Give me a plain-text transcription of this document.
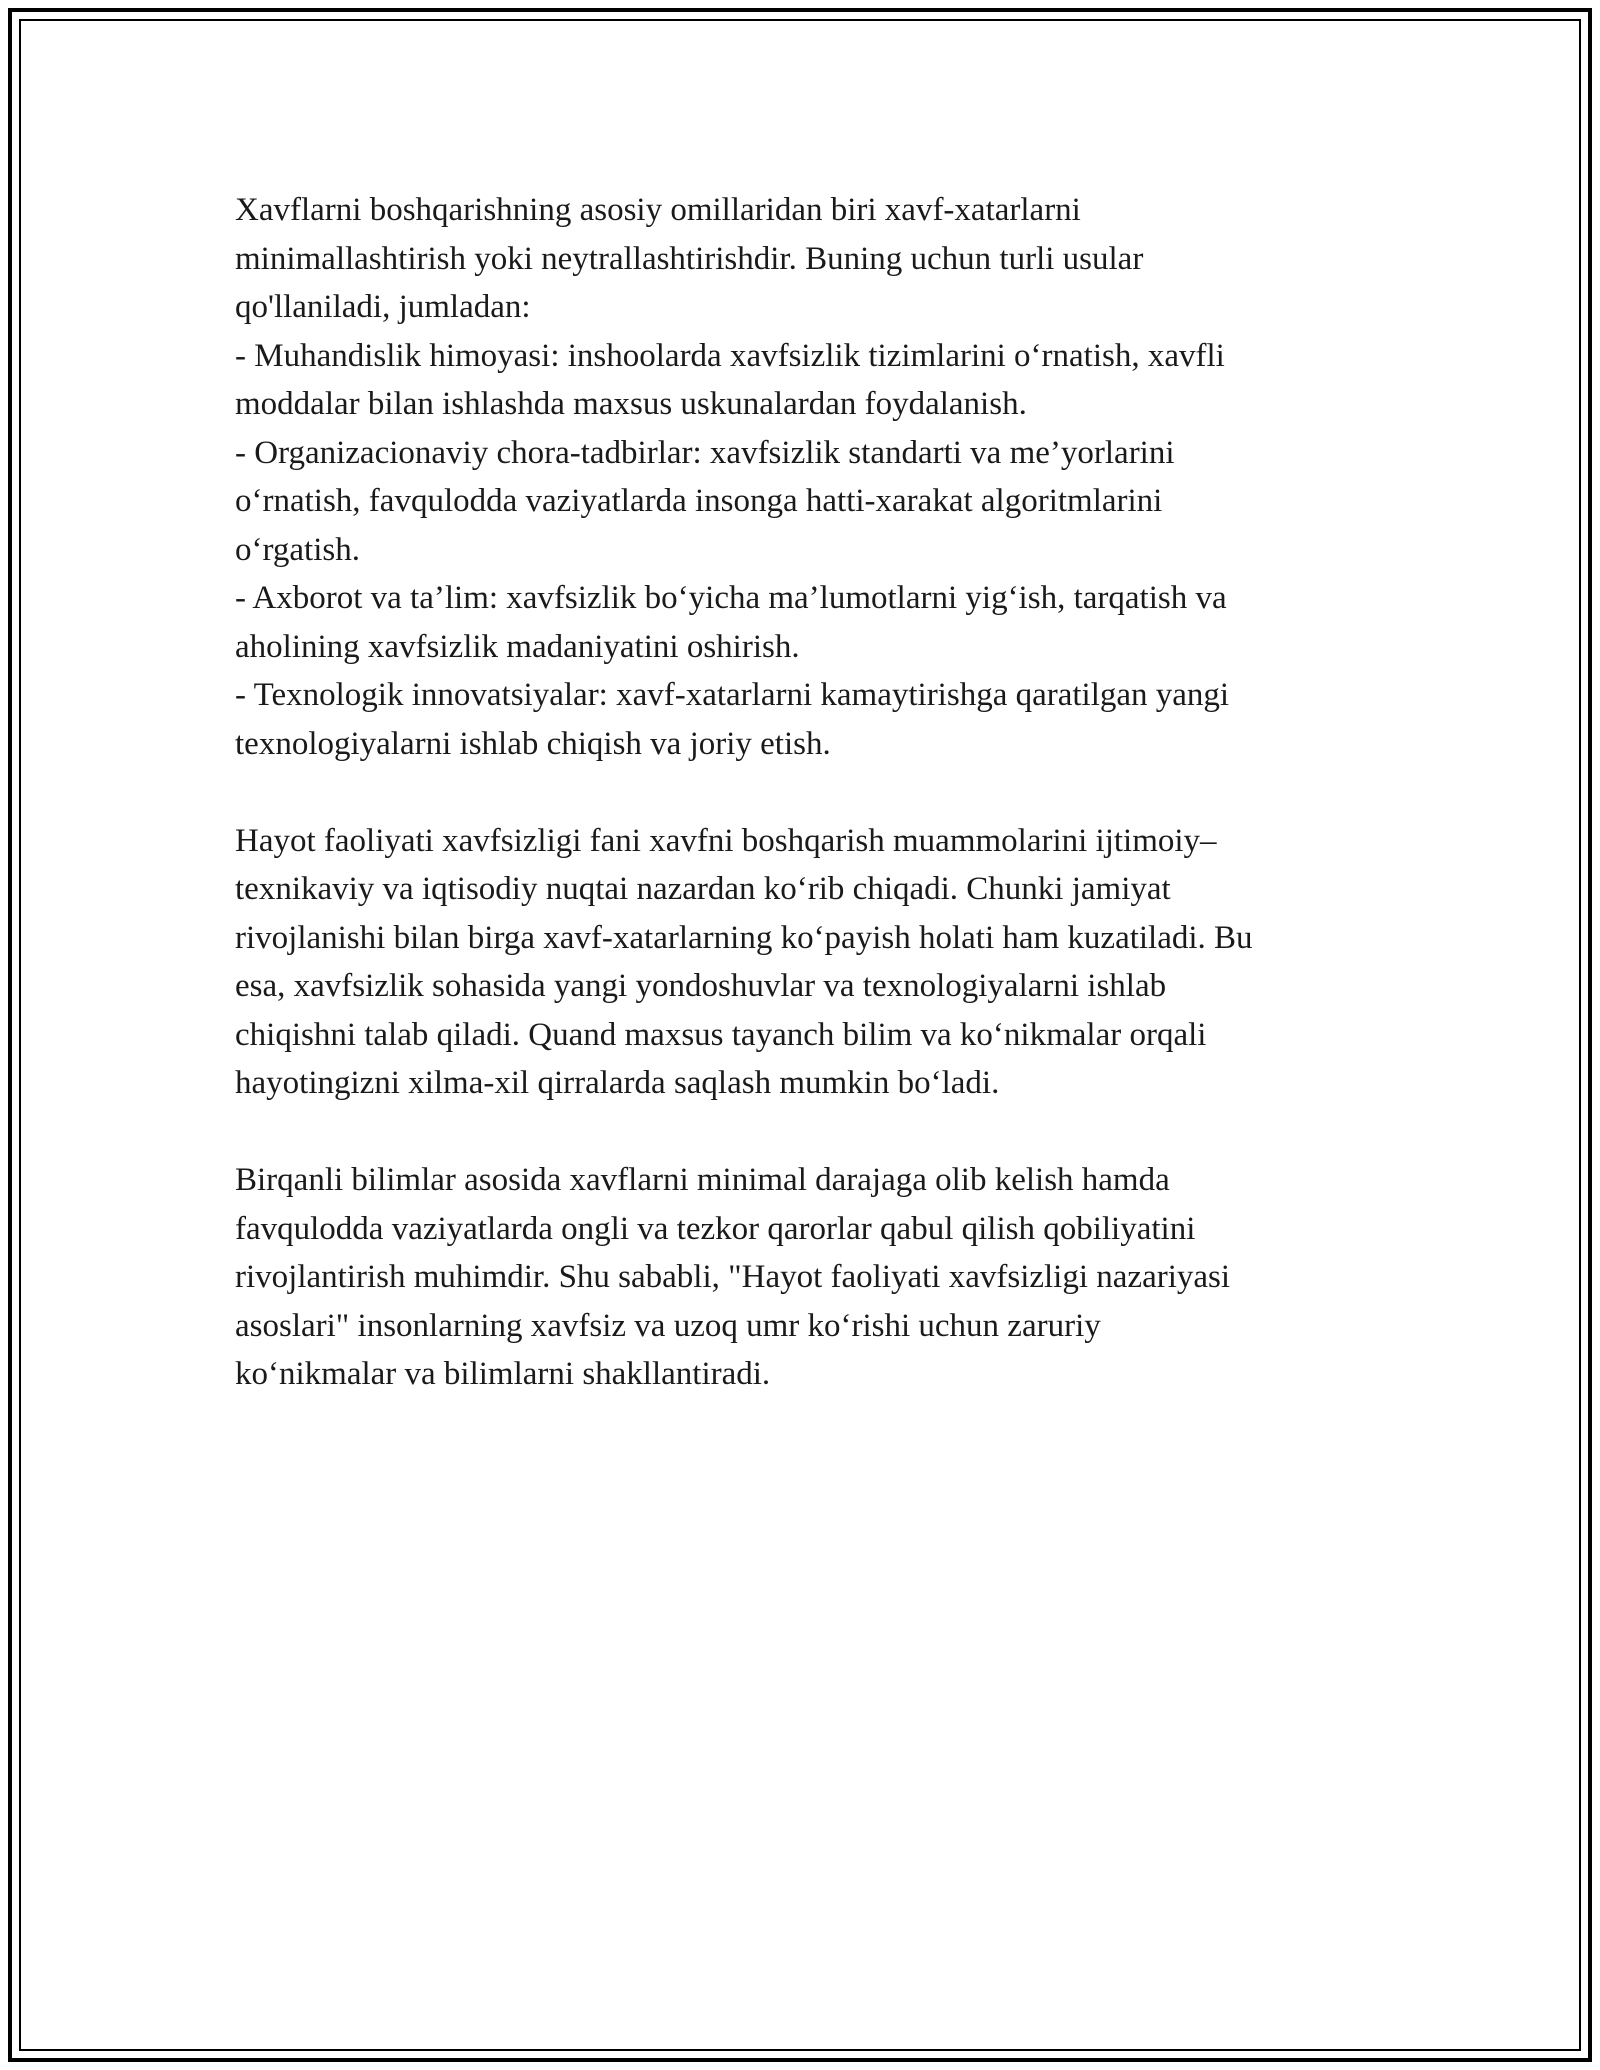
Xavflarni boshqarishning asosiy omillaridan biri xavf-xatarlarni
minimallashtirish yoki neytrallashtirishdir. Buning uchun turli usular
qo'llaniladi, jumladan:
- Muhandislik himoyasi: inshoolarda xavfsizlik tizimlarini o‘rnatish, xavfli
moddalar bilan ishlashda maxsus uskunalardan foydalanish.
- Organizacionaviy chora-tadbirlar: xavfsizlik standarti va me’yorlarini
o‘rnatish, favqulodda vaziyatlarda insonga hatti-xarakat algoritmlarini
o‘rgatish.
- Axborot va ta’lim: xavfsizlik bo‘yicha ma’lumotlarni yig‘ish, tarqatish va
aholining xavfsizlik madaniyatini oshirish.
- Texnologik innovatsiyalar: xavf-xatarlarni kamaytirishga qaratilgan yangi
texnologiyalarni ishlab chiqish va joriy etish.

Hayot faoliyati xavfsizligi fani xavfni boshqarish muammolarini ijtimoiy–
texnikaviy va iqtisodiy nuqtai nazardan ko‘rib chiqadi. Chunki jamiyat
rivojlanishi bilan birga xavf-xatarlarning ko‘payish holati ham kuzatiladi. Bu
esa, xavfsizlik sohasida yangi yondoshuvlar va texnologiyalarni ishlab
chiqishni talab qiladi. Quand maxsus tayanch bilim va ko‘nikmalar orqali
hayotingizni xilma-xil qirralarda saqlash mumkin bo‘ladi.

Birqanli bilimlar asosida xavflarni minimal darajaga olib kelish hamda
favqulodda vaziyatlarda ongli va tezkor qarorlar qabul qilish qobiliyatini
rivojlantirish muhimdir. Shu sababli, "Hayot faoliyati xavfsizligi nazariyasi
asoslari" insonlarning xavfsiz va uzoq umr ko‘rishi uchun zaruriy
ko‘nikmalar va bilimlarni shakllantiradi.
